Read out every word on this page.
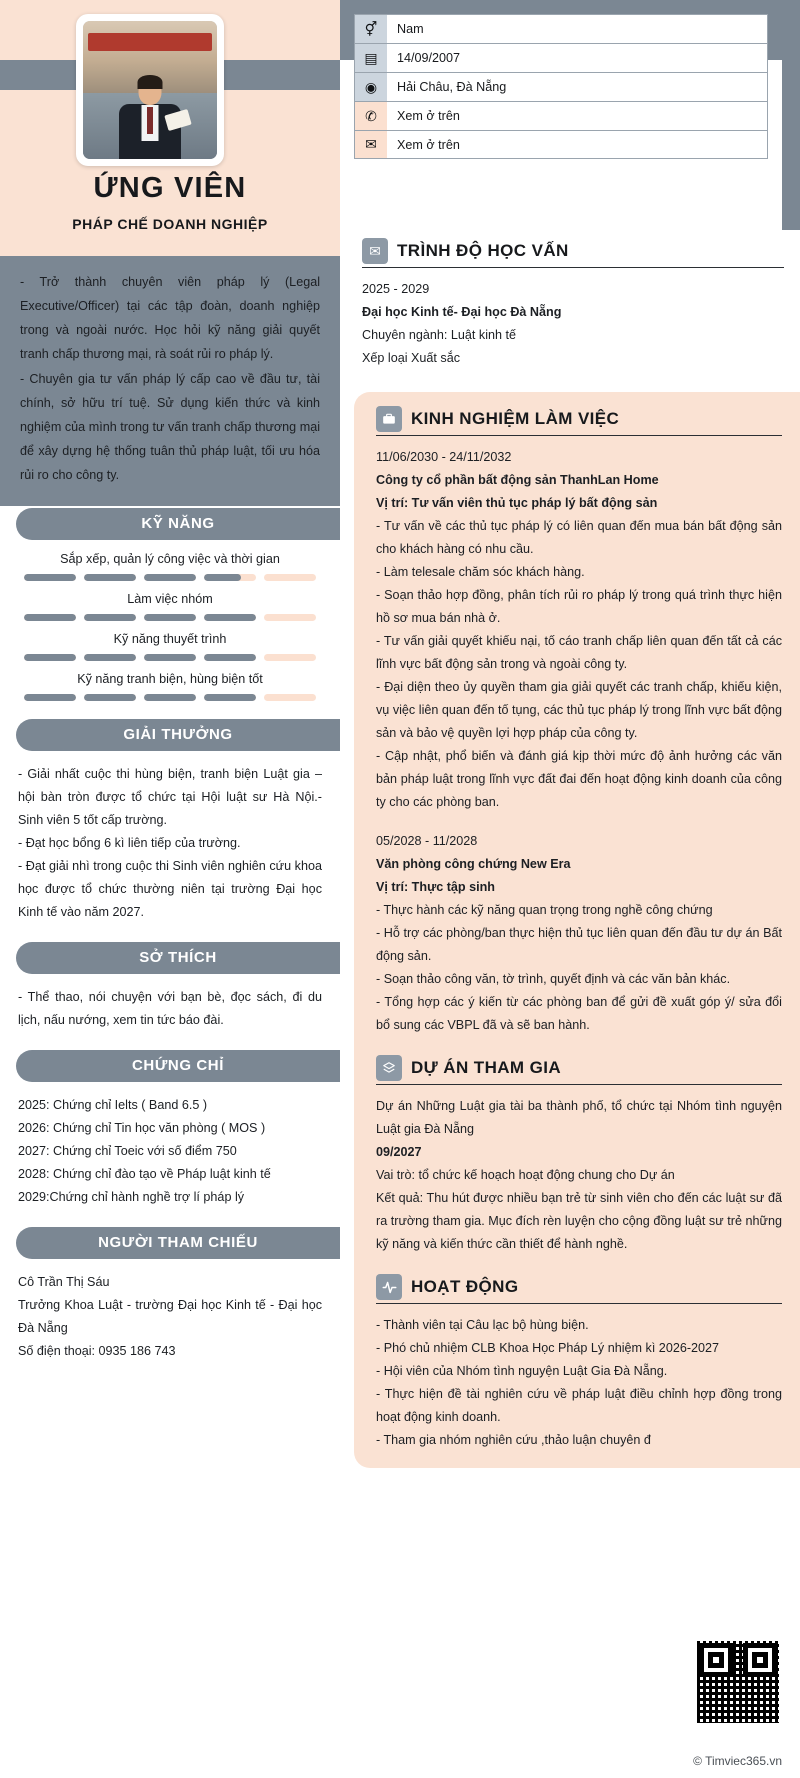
ỨNG VIÊN
PHÁP CHẾ DOANH NGHIỆP

- Trở thành chuyên viên pháp lý (Legal Executive/Officer) tại các tập đoàn, doanh nghiệp trong và ngoài nước. Học hỏi kỹ năng giải quyết tranh chấp thương mại, rà soát rủi ro pháp lý.

- Chuyên gia tư vấn pháp lý cấp cao về đầu tư, tài chính, sở hữu trí tuệ. Sử dụng kiến thức và kinh nghiệm của mình trong tư vấn tranh chấp thương mại để xây dựng hệ thống tuân thủ pháp luật, tối ưu hóa rủi ro cho công ty.

KỸ NĂNG
Sắp xếp, quản lý công việc và thời gian
Làm việc nhóm
Kỹ năng thuyết trình
Kỹ năng tranh biện, hùng biện tốt
GIẢI THƯỞNG
- Giải nhất cuộc thi hùng biện, tranh biện Luật gia – hội bàn tròn được tổ chức tại Hội luật sư Hà Nội.- Sinh viên 5 tốt cấp trường.
- Đạt học bổng 6 kì liên tiếp của trường.
- Đạt giải nhì trong cuộc thi Sinh viên nghiên cứu khoa học được tổ chức thường niên tại trường Đại học Kinh tế vào năm 2027.
SỞ THÍCH
- Thể thao, nói chuyện với bạn bè, đọc sách, đi du lịch, nấu nướng, xem tin tức báo đài.
CHỨNG CHỈ
2025: Chứng chỉ Ielts ( Band 6.5 )
2026: Chứng chỉ Tin học văn phòng ( MOS )
2027: Chứng chỉ Toeic với số điểm 750
2028: Chứng chỉ đào tạo về Pháp luật kinh tế
2029:Chứng chỉ hành nghề trợ lí pháp lý
NGƯỜI THAM CHIẾU
Cô Trần Thị Sáu
Trưởng Khoa Luật - trường Đại học Kinh tế - Đại học Đà Nẵng
Số điện thoại: 0935 186 743
⚥	Nam
▤	14/09/2007
◉	Hải Châu, Đà Nẵng
✆	Xem ở trên
✉	Xem ở trên
✉ TRÌNH ĐỘ HỌC VẤN
2025 - 2029
Đại học Kinh tế- Đại học Đà Nẵng
Chuyên ngành: Luật kinh tế
Xếp loại Xuất sắc
KINH NGHIỆM LÀM VIỆC
11/06/2030 - 24/11/2032
Công ty cổ phần bất động sản ThanhLan Home
Vị trí: Tư vấn viên thủ tục pháp lý bất động sản
- Tư vấn về các thủ tục pháp lý có liên quan đến mua bán bất động sản cho khách hàng có nhu cầu.
- Làm telesale chăm sóc khách hàng.
- Soạn thảo hợp đồng, phân tích rủi ro pháp lý trong quá trình thực hiện hồ sơ mua bán nhà ở.
- Tư vấn giải quyết khiếu nại, tố cáo tranh chấp liên quan đến tất cả các lĩnh vực bất động sản trong và ngoài công ty.
- Đại diện theo ủy quyền tham gia giải quyết các tranh chấp, khiếu kiện, vụ việc liên quan đến tố tụng, các thủ tục pháp lý trong lĩnh vực bất động sản và bảo vệ quyền lợi hợp pháp của công ty.
- Cập nhật, phổ biến và đánh giá kịp thời mức độ ảnh hưởng các văn bản pháp luật trong lĩnh vực đất đai đến hoạt động kinh doanh của công ty cho các phòng ban.
05/2028 - 11/2028
Văn phòng công chứng New Era
Vị trí: Thực tập sinh
- Thực hành các kỹ năng quan trọng trong nghề công chứng
- Hỗ trợ các phòng/ban thực hiện thủ tục liên quan đến đầu tư dự án Bất động sản.
- Soạn thảo công văn, tờ trình, quyết định và các văn bản khác.
- Tổng hợp các ý kiến từ các phòng ban để gửi đề xuất góp ý/ sửa đổi bổ sung các VBPL đã và sẽ ban hành.
DỰ ÁN THAM GIA
Dự án Những Luật gia tài ba thành phố, tổ chức tại Nhóm tình nguyện Luật gia Đà Nẵng
09/2027
Vai trò: tổ chức kế hoạch hoạt động chung cho Dự án
Kết quả: Thu hút được nhiều bạn trẻ từ sinh viên cho đến các luật sư đã ra trường tham gia. Mục đích rèn luyện cho cộng đồng luật sư trẻ những kỹ năng và kiến thức cần thiết để hành nghề.
HOẠT ĐỘNG
- Thành viên tại Câu lạc bộ hùng biện.
- Phó chủ nhiệm CLB Khoa Học Pháp Lý nhiệm kì 2026-2027
- Hội viên của Nhóm tình nguyện Luật Gia Đà Nẵng.
- Thực hiện đề tài nghiên cứu về pháp luật điều chỉnh hợp đồng trong hoạt động kinh doanh.
- Tham gia nhóm nghiên cứu ,thảo luận chuyên đ
© Timviec365.vn
